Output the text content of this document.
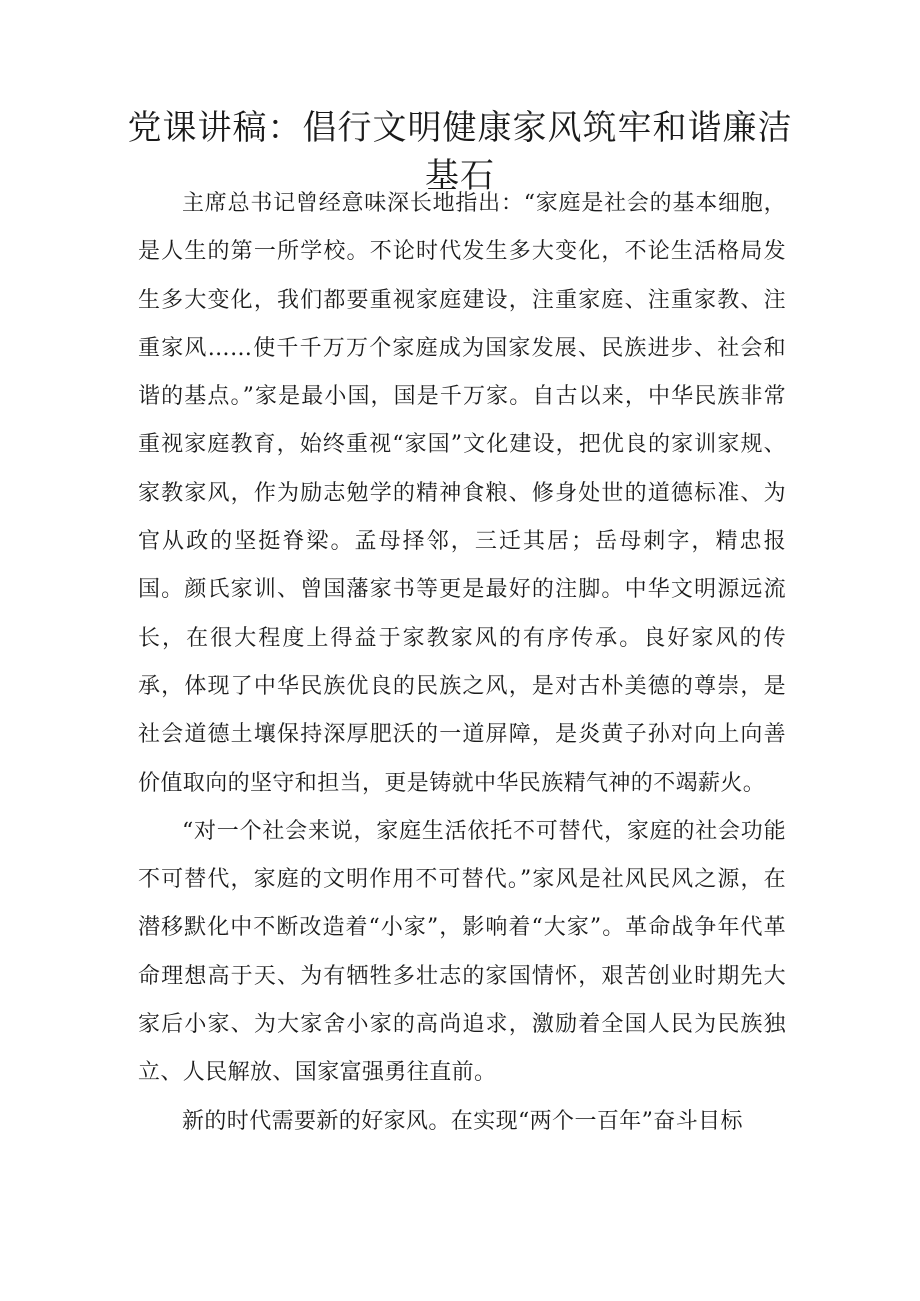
党课讲稿：倡行文明健康家风筑牢和谐廉洁
基石

主席总书记曾经意味深长地指出：“家庭是社会的基本细胞，是人生的第一所学校。不论时代发生多大变化，不论生活格局发生多大变化，我们都要重视家庭建设，注重家庭、注重家教、注重家风……使千千万万个家庭成为国家发展、民族进步、社会和谐的基点。”家是最小国，国是千万家。自古以来，中华民族非常重视家庭教育，始终重视“家国”文化建设，把优良的家训家规、家教家风，作为励志勉学的精神食粮、修身处世的道德标准、为官从政的坚挺脊梁。孟母择邻，三迁其居；岳母刺字，精忠报国。颜氏家训、曾国藩家书等更是最好的注脚。中华文明源远流长，在很大程度上得益于家教家风的有序传承。良好家风的传承，体现了中华民族优良的民族之风，是对古朴美德的尊崇，是社会道德土壤保持深厚肥沃的一道屏障，是炎黄子孙对向上向善价值取向的坚守和担当，更是铸就中华民族精气神的不竭薪火。

“对一个社会来说，家庭生活依托不可替代，家庭的社会功能不可替代，家庭的文明作用不可替代。”家风是社风民风之源，在潜移默化中不断改造着“小家”，影响着“大家”。革命战争年代革命理想高于天、为有牺牲多壮志的家国情怀，艰苦创业时期先大家后小家、为大家舍小家的高尚追求，激励着全国人民为民族独立、人民解放、国家富强勇往直前。

新的时代需要新的好家风。在实现“两个一百年”奋斗目标
